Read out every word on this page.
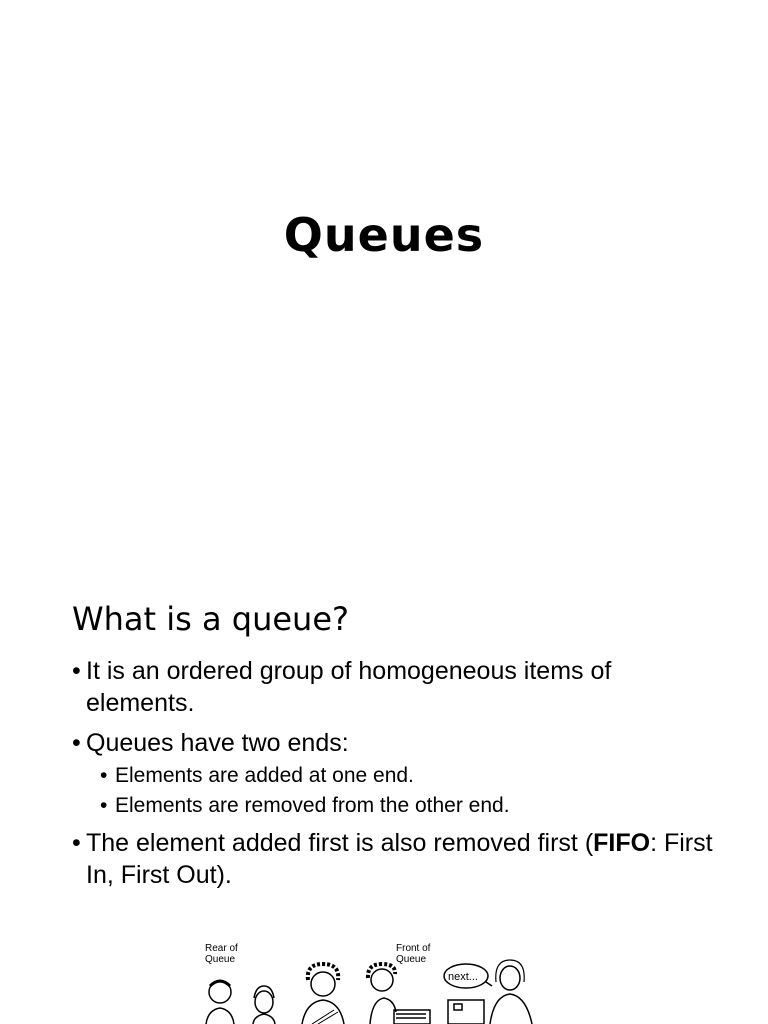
Queues
What is a queue?
• It is an ordered group of homogeneous items of elements.
• Queues have two ends:
• Elements are added at one end.
• Elements are removed from the other end.
• The element added first is also removed first (FIFO: First In, First Out).
Rear of Queue
Front of Queue
next...
